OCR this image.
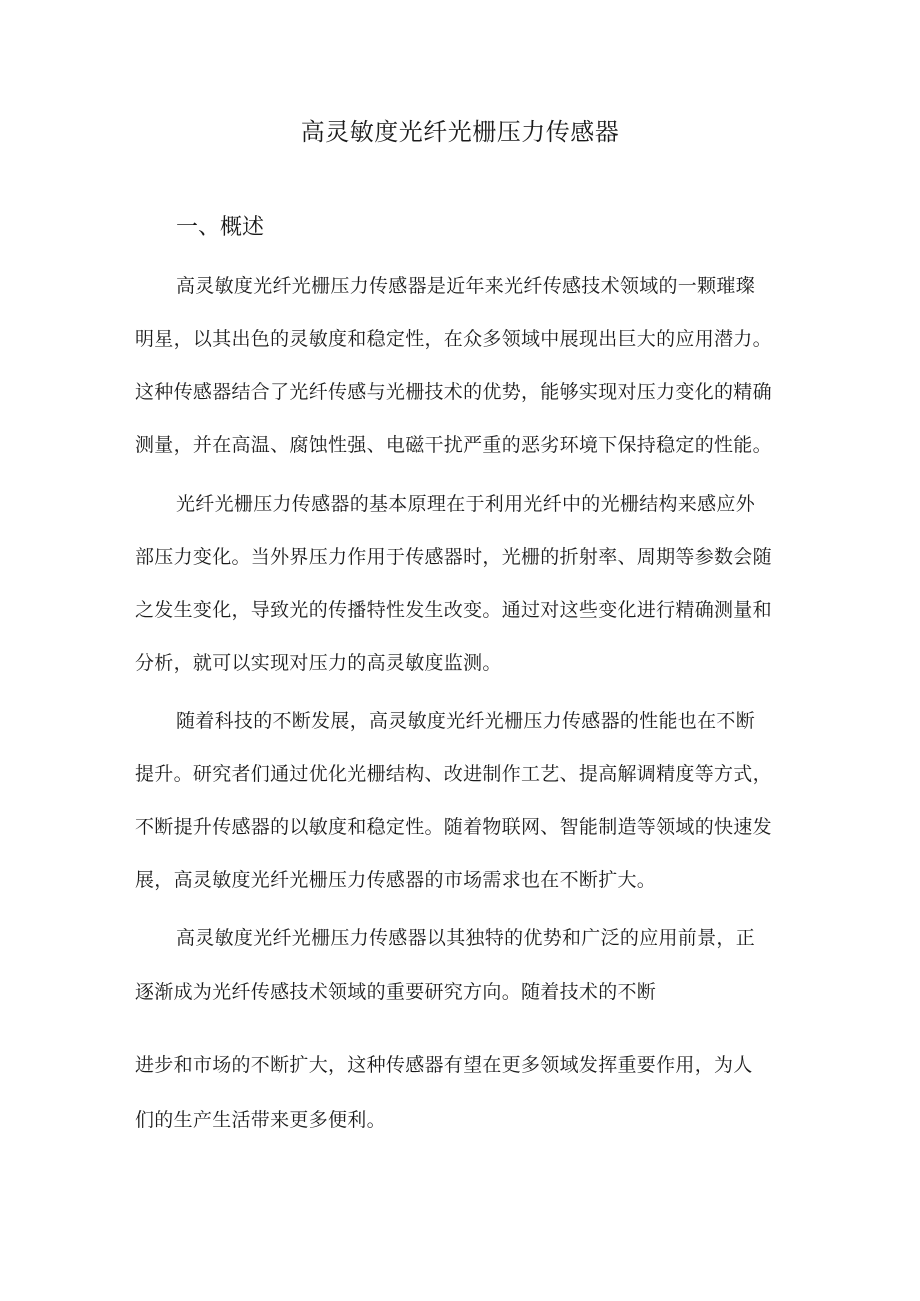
高灵敏度光纤光栅压力传感器
一、概述
高灵敏度光纤光栅压力传感器是近年来光纤传感技术领域的一颗璀璨
明星，以其出色的灵敏度和稳定性，在众多领域中展现出巨大的应用潜力。
这种传感器结合了光纤传感与光栅技术的优势，能够实现对压力变化的精确
测量，并在高温、腐蚀性强、电磁干扰严重的恶劣环境下保持稳定的性能。
光纤光栅压力传感器的基本原理在于利用光纤中的光栅结构来感应外
部压力变化。当外界压力作用于传感器时，光栅的折射率、周期等参数会随
之发生变化，导致光的传播特性发生改变。通过对这些变化进行精确测量和
分析，就可以实现对压力的高灵敏度监测。
随着科技的不断发展，高灵敏度光纤光栅压力传感器的性能也在不断
提升。研究者们通过优化光栅结构、改进制作工艺、提高解调精度等方式，
不断提升传感器的以敏度和稳定性。随着物联网、智能制造等领域的快速发
展，高灵敏度光纤光栅压力传感器的市场需求也在不断扩大。
高灵敏度光纤光栅压力传感器以其独特的优势和广泛的应用前景，正
逐渐成为光纤传感技术领域的重要研究方向。随着技术的不断
进步和市场的不断扩大，这种传感器有望在更多领域发挥重要作用，为人
们的生产生活带来更多便利。
